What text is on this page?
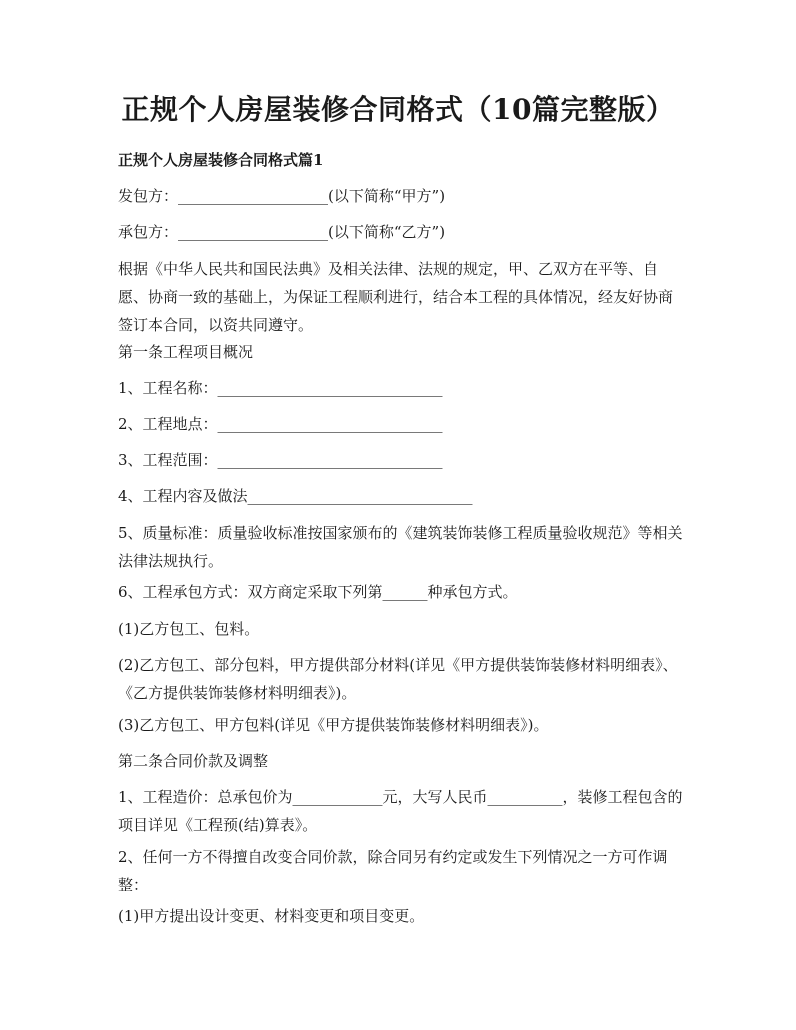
正规个人房屋装修合同格式（10篇完整版）
正规个人房屋装修合同格式篇1

发包方：____________________(以下简称“甲方”)

承包方：____________________(以下简称“乙方”)

根据《中华人民共和国民法典》及相关法律、法规的规定，甲、乙双方在平等、自愿、协商一致的基础上，为保证工程顺利进行，结合本工程的具体情况，经友好协商签订本合同，以资共同遵守。

第一条工程项目概况

1、工程名称：______________________________

2、工程地点：______________________________

3、工程范围：______________________________

4、工程内容及做法______________________________

5、质量标准：质量验收标准按国家颁布的《建筑装饰装修工程质量验收规范》等相关法律法规执行。

6、工程承包方式：双方商定采取下列第______种承包方式。

(1)乙方包工、包料。

(2)乙方包工、部分包料，甲方提供部分材料(详见《甲方提供装饰装修材料明细表》、《乙方提供装饰装修材料明细表》)。

(3)乙方包工、甲方包料(详见《甲方提供装饰装修材料明细表》)。

第二条合同价款及调整

1、工程造价：总承包价为____________元，大写人民币__________，装修工程包含的项目详见《工程预(结)算表》。

2、任何一方不得擅自改变合同价款，除合同另有约定或发生下列情况之一方可作调整：

(1)甲方提出设计变更、材料变更和项目变更。
